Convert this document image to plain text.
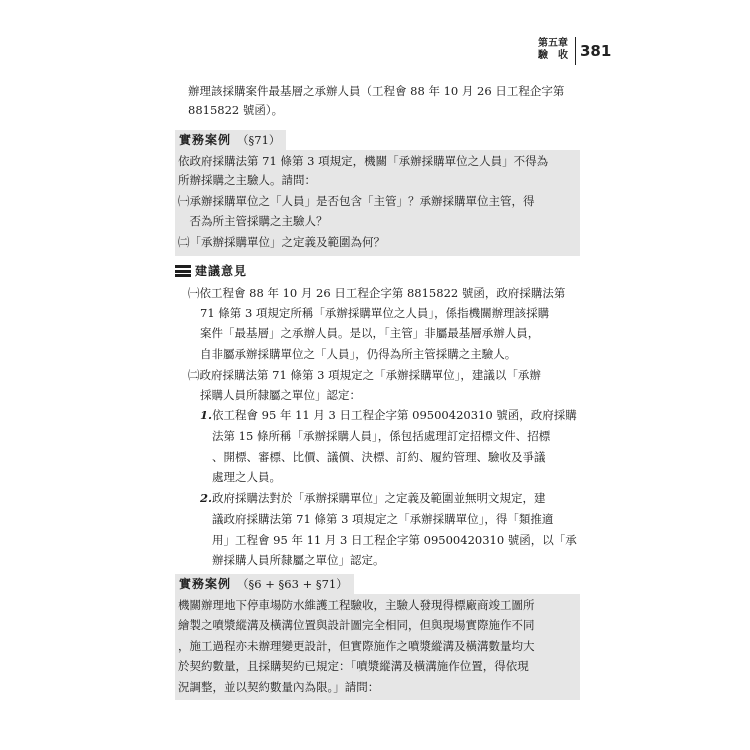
第五章
驗　收 381

辦理該採購案件最基層之承辦人員（工程會 88 年 10 月 26 日工程企字第

8815822 號函）。

實務案例 （§71）

依政府採購法第 71 條第 3 項規定，機關「承辦採購單位之人員」不得為

所辦採購之主驗人。請問：

㈠承辦採購單位之「人員」是否包含「主管」？承辦採購單位主管，得

　否為所主管採購之主驗人？

㈡「承辦採購單位」之定義及範圍為何？

建議意見

㈠依工程會 88 年 10 月 26 日工程企字第 8815822 號函，政府採購法第

71 條第 3 項規定所稱「承辦採購單位之人員」，係指機關辦理該採購

案件「最基層」之承辦人員。是以，「主管」非屬最基層承辦人員，

自非屬承辦採購單位之「人員」，仍得為所主管採購之主驗人。

㈡政府採購法第 71 條第 3 項規定之「承辦採購單位」，建議以「承辦

採購人員所隸屬之單位」認定：

1. 依工程會 95 年 11 月 3 日工程企字第 09500420310 號函，政府採購

法第 15 條所稱「承辦採購人員」，係包括處理訂定招標文件、招標

、開標、審標、比價、議價、決標、訂約、履約管理、驗收及爭議

處理之人員。

2. 政府採購法對於「承辦採購單位」之定義及範圍並無明文規定，建

議政府採購法第 71 條第 3 項規定之「承辦採購單位」，得「類推適

用」工程會 95 年 11 月 3 日工程企字第 09500420310 號函，以「承

辦採購人員所隸屬之單位」認定。

實務案例 （§6 + §63 + §71）

機關辦理地下停車場防水維護工程驗收，主驗人發現得標廠商竣工圖所

繪製之噴漿縱溝及橫溝位置與設計圖完全相同，但與現場實際施作不同

，施工過程亦未辦理變更設計，但實際施作之噴漿縱溝及橫溝數量均大

於契約數量，且採購契約已規定：「噴漿縱溝及橫溝施作位置，得依現

況調整，並以契約數量內為限。」請問：
